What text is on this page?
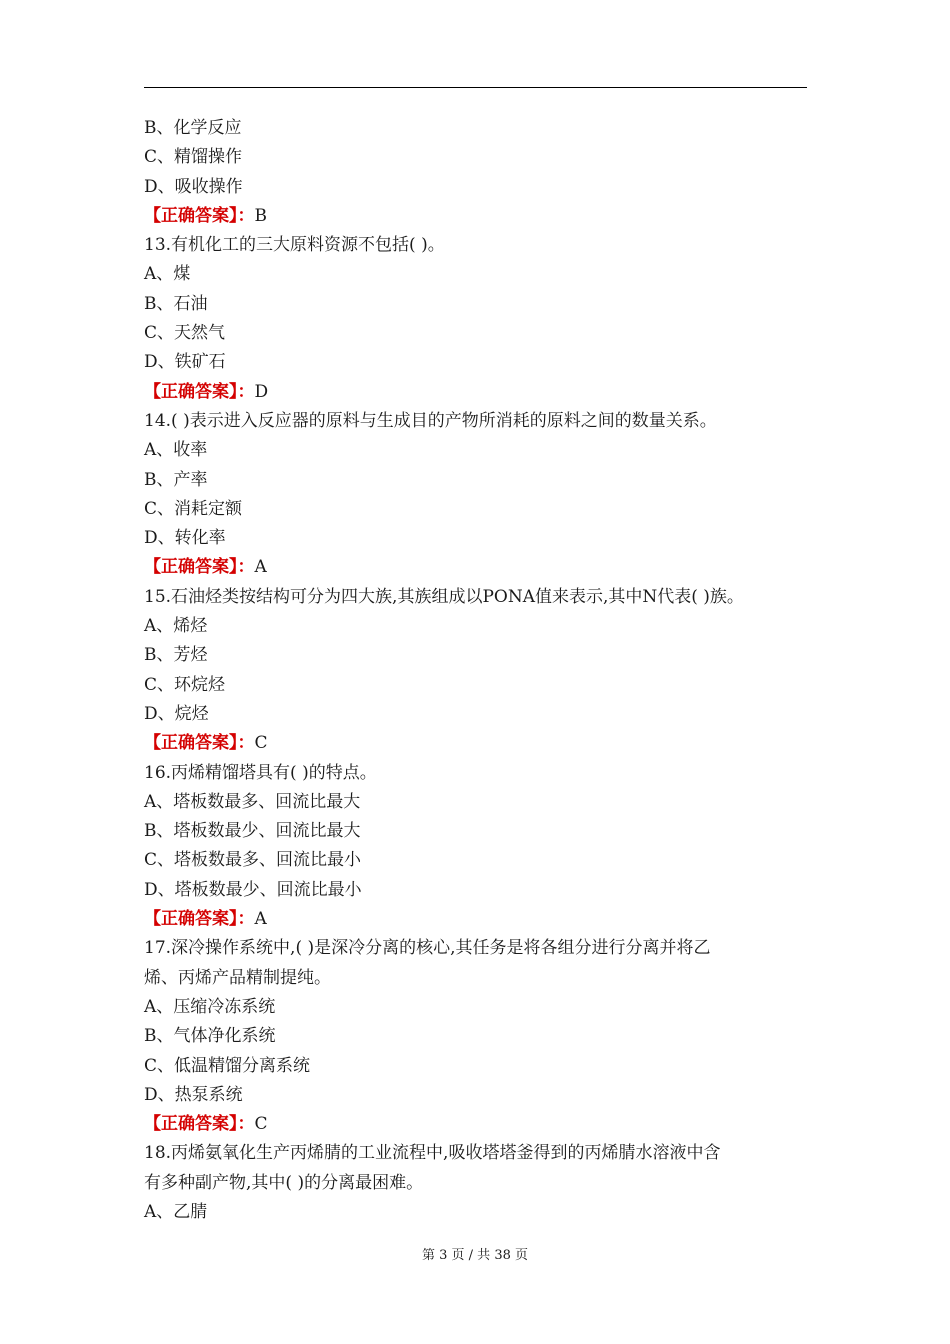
B、化学反应
C、精馏操作
D、吸收操作
【正确答案】：B
13.有机化工的三大原料资源不包括( )。
A、煤
B、石油
C、天然气
D、铁矿石
【正确答案】：D
14.( )表示进入反应器的原料与生成目的产物所消耗的原料之间的数量关系。
A、收率
B、产率
C、消耗定额
D、转化率
【正确答案】：A
15.石油烃类按结构可分为四大族,其族组成以PONA值来表示,其中N代表( )族。
A、烯烃
B、芳烃
C、环烷烃
D、烷烃
【正确答案】：C
16.丙烯精馏塔具有( )的特点。
A、塔板数最多、回流比最大
B、塔板数最少、回流比最大
C、塔板数最多、回流比最小
D、塔板数最少、回流比最小
【正确答案】：A
17.深冷操作系统中,( )是深冷分离的核心,其任务是将各组分进行分离并将乙
烯、丙烯产品精制提纯。
A、压缩冷冻系统
B、气体净化系统
C、低温精馏分离系统
D、热泵系统
【正确答案】：C
18.丙烯氨氧化生产丙烯腈的工业流程中,吸收塔塔釜得到的丙烯腈水溶液中含
有多种副产物,其中( )的分离最困难。
A、乙腈
第 3 页 / 共 38 页
